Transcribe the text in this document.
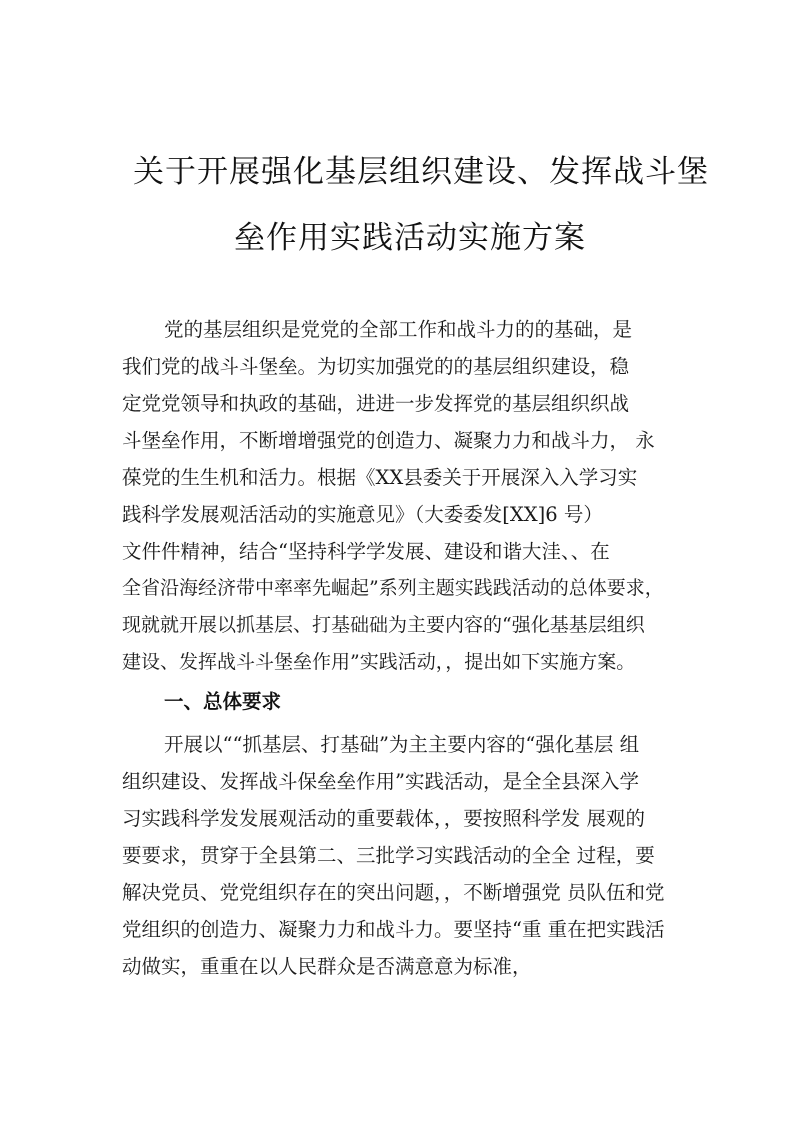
关于开展强化基层组织建设、发挥战斗堡
垒作用实践活动实施方案

党的基层组织是党党的全部工作和战斗力的的基础，是

我们党的战斗斗堡垒。为切实加强党的的基层组织建设，稳

定党党领导和执政的基础，进进一步发挥党的基层组织织战

斗堡垒作用，不断增增强党的创造力、凝聚力力和战斗力， 永

葆党的生生机和活力。根据《XX县委关于开展深入入学习实

践科学发展观活活动的实施意见》（大委委发[XX]6 号）

文件件精神，结合“坚持科学学发展、建设和谐大洼、、在

全省沿海经济带中率率先崛起”系列主题实践践活动的总体要求，

现就就开展以抓基层、打基础础为主要内容的“强化基基层组织

建设、发挥战斗斗堡垒作用”实践活动，，提出如下实施方案。

一、总体要求

开展以““抓基层、打基础”为主主要内容的“强化基层 组

组织建设、发挥战斗保垒垒作用”实践活动，是全全县深入学

习实践科学发发展观活动的重要载体，，要按照科学发 展观的

要要求，贯穿于全县第二、三批学习实践活动的全全 过程，要

解决党员、党党组织存在的突出问题，，不断增强党 员队伍和党

党组织的创造力、凝聚力力和战斗力。要坚持“重 重在把实践活

动做实，重重在以人民群众是否满意意为标准，
